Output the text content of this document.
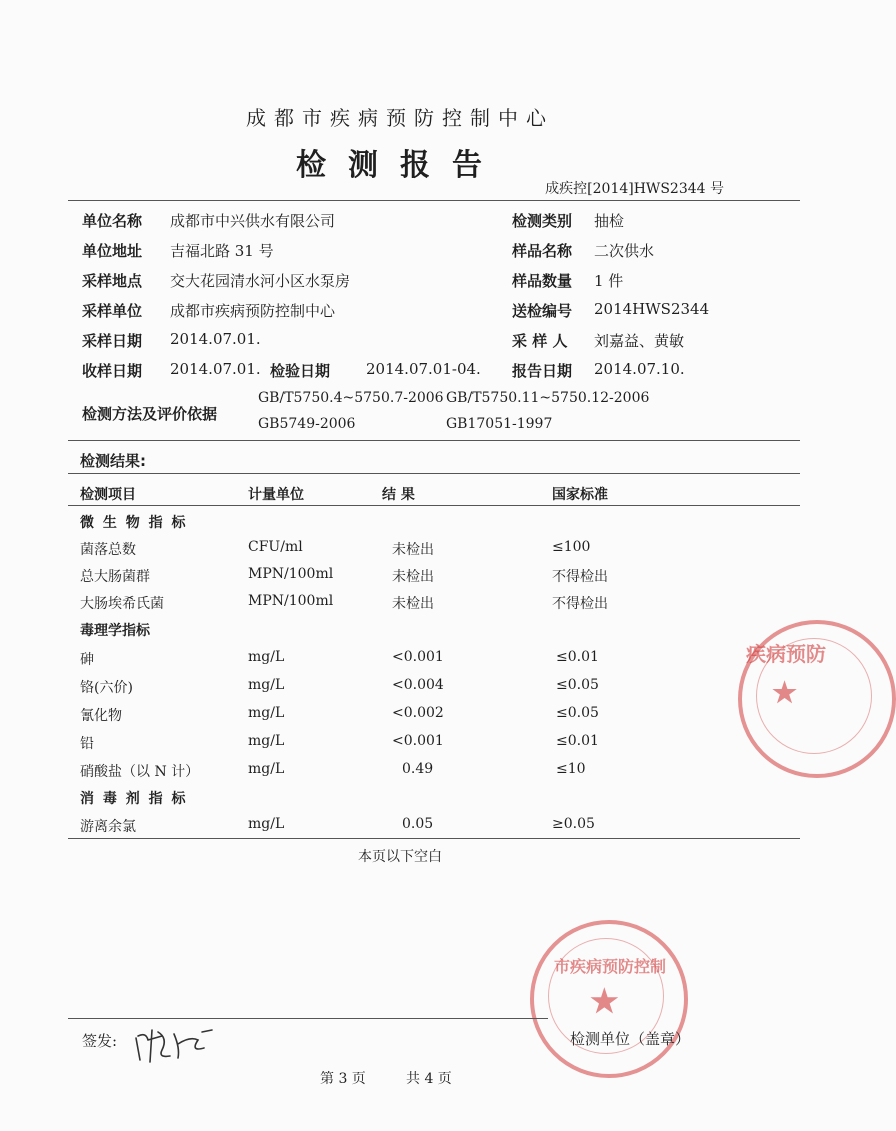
成都市疾病预防控制中心
检测报告
成疾控[2014]HWS2344 号
单位名称 成都市中兴供水有限公司	检测类别 抽检
单位地址 吉福北路 31 号	样品名称 二次供水
采样地点 交大花园清水河小区水泵房	样品数量 1 件
采样单位 成都市疾病预防控制中心	送检编号 2014HWS2344
采样日期 2014.07.01.	采 样 人 刘嘉益、黄敏
收样日期 2014.07.01. 检验日期 2014.07.01-04. 报告日期 2014.07.10.
检测方法及评价依据
GB/T5750.4~5750.7-2006 GB/T5750.11~5750.12-2006
GB5749-2006	GB17051-1997
检测结果:
检测项目	计量单位	结 果	国家标准
微 生 物 指 标
菌落总数	CFU/ml	未检出	≤100
总大肠菌群	MPN/100ml	未检出	不得检出
大肠埃希氏菌	MPN/100ml	未检出	不得检出
毒理学指标
砷	mg/L	<0.001	≤0.01
铬(六价)	mg/L	<0.004	≤0.05
氰化物	mg/L	<0.002	≤0.05
铅	mg/L	<0.001	≤0.01
硝酸盐（以 N 计）	mg/L	0.49	≤10
消 毒 剂 指 标
游离余氯	mg/L	0.05	≥0.05
本页以下空白
疾病预防
★
市疾病预防控制
★
签发:	检测单位（盖章）
第 3 页	共 4 页
